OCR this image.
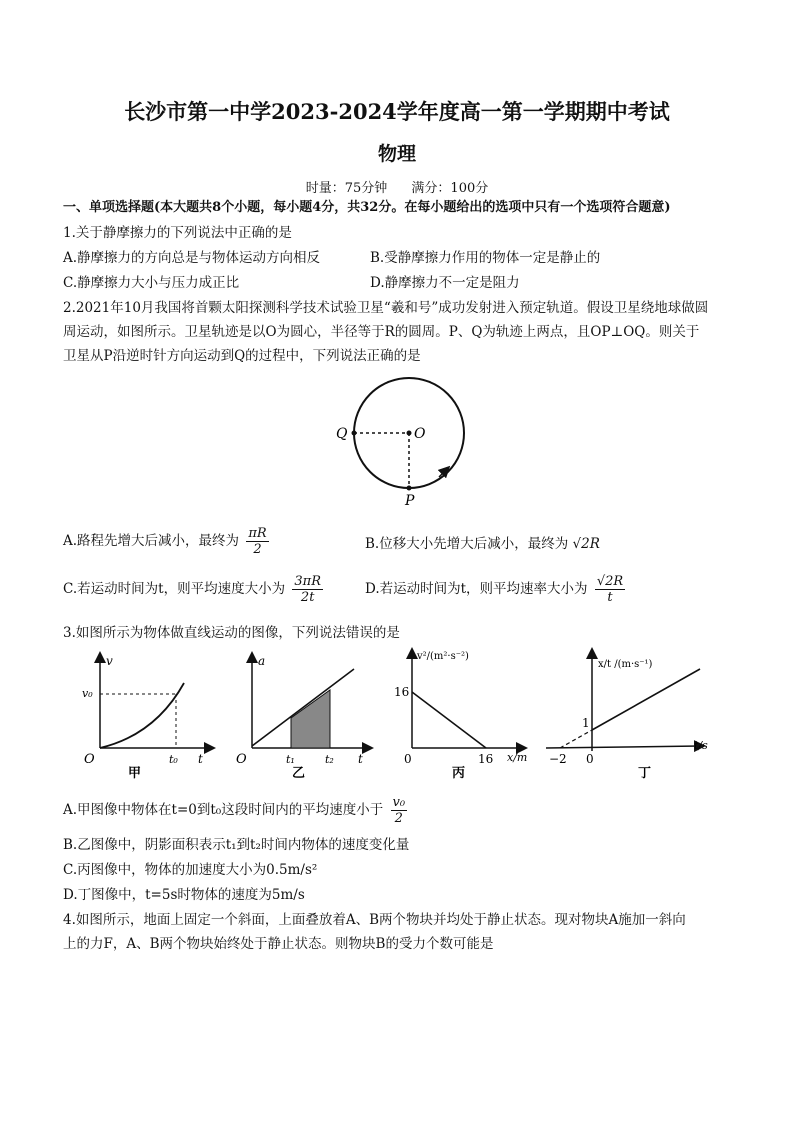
长沙市第一中学2023-2024学年度高一第一学期期中考试
物理
时量：75分钟 满分：100分
一、单项选择题(本大题共8个小题，每小题4分，共32分。在每小题给出的选项中只有一个选项符合题意)
1.关于静摩擦力的下列说法中正确的是
A.静摩擦力的方向总是与物体运动方向相反	B.受静摩擦力作用的物体一定是静止的
C.静摩擦力大小与压力成正比	D.静摩擦力不一定是阻力
2.2021年10月我国将首颗太阳探测科学技术试验卫星“羲和号”成功发射进入预定轨道。假设卫星绕地球做圆
周运动，如图所示。卫星轨迹是以O为圆心，半径等于R的圆周。P、Q为轨迹上两点，且OP⊥OQ。则关于
卫星从P沿逆时针方向运动到Q的过程中，下列说法正确的是
Q	O
P
A.路程先增大后减小，最终为 $\frac{\pi R}{2}$	B.位移大小先增大后减小，最终为 √2R
C.若运动时间为t，则平均速度大小为 $\frac{3\pi R}{2t}$	D.若运动时间为t，则平均速率大小为 $\frac{√2R}{t}$
3.如图所示为物体做直线运动的图像，下列说法错误的是
v
v₀
O	t₀ t
甲
a
O	t₁	t₂ t
乙
v²/(m²·s⁻²)
16
0	16 x/m
丙
x/t /(m·s⁻¹)
1
−2 0
t/s
丁
A.甲图像中物体在t=0到t₀这段时间内的平均速度小于 $\frac{\text{v₀}}{2}$
B.乙图像中，阴影面积表示t₁到t₂时间内物体的速度变化量
C.丙图像中，物体的加速度大小为0.5m/s²
D.丁图像中，t=5s时物体的速度为5m/s
4.如图所示，地面上固定一个斜面，上面叠放着A、B两个物块并均处于静止状态。现对物块A施加一斜向
上的力F，A、B两个物块始终处于静止状态。则物块B的受力个数可能是
